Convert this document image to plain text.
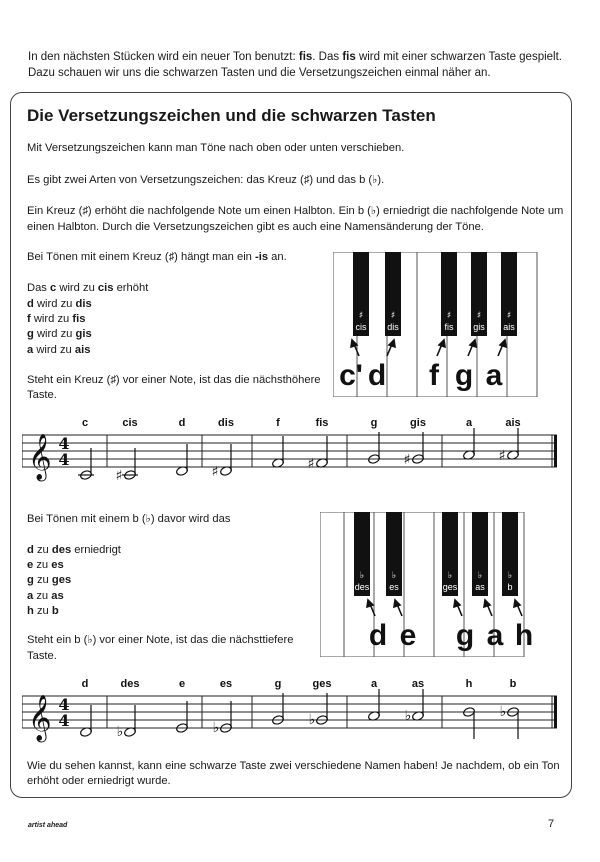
In den nächsten Stücken wird ein neuer Ton benutzt: fis. Das fis wird mit einer schwarzen Taste gespielt. Dazu schauen wir uns die schwarzen Tasten und die Versetzungszeichen einmal näher an.
Die Versetzungszeichen und die schwarzen Tasten
Mit Versetzungszeichen kann man Töne nach oben oder unten verschieben.
Es gibt zwei Arten von Versetzungszeichen: das Kreuz (♯) und das b (♭).
Ein Kreuz (♯) erhöht die nachfolgende Note um einen Halbton. Ein b (♭) erniedrigt die nachfolgende Note um
einen Halbton. Durch die Versetzungszeichen gibt es auch eine Namensänderung der Töne.
Bei Tönen mit einem Kreuz (♯) hängt man ein -is an.
Das c wird zu cis erhöht
d wird zu dis
f wird zu fis
g wird zu gis
a wird zu ais
Steht ein Kreuz (♯) vor einer Note, ist das die nächsthöhere
Taste.
♯	♯	♯	♯	♯
cis dis	fis gis ais
c' d f g a
c	cis	d	dis	f	fis	g	gis	a	ais
𝄞 4
4
♯	♯	♯	♯	♯
Bei Tönen mit einem b (♭) davor wird das
d zu des erniedrigt
e zu es
g zu ges
a zu as
h zu b
Steht ein b (♭) vor einer Note, ist das die nächsttiefere
Taste.
♭	♭	♭	♭	♭
des es	ges as	b
d e g a h
d	des	e	es	g	ges	a	as	h	b
𝄞 4
4
♭	♭	♭	♭	♭
Wie du sehen kannst, kann eine schwarze Taste zwei verschiedene Namen haben! Je nachdem, ob ein Ton
erhöht oder erniedrigt wurde.
artist ahead	7
